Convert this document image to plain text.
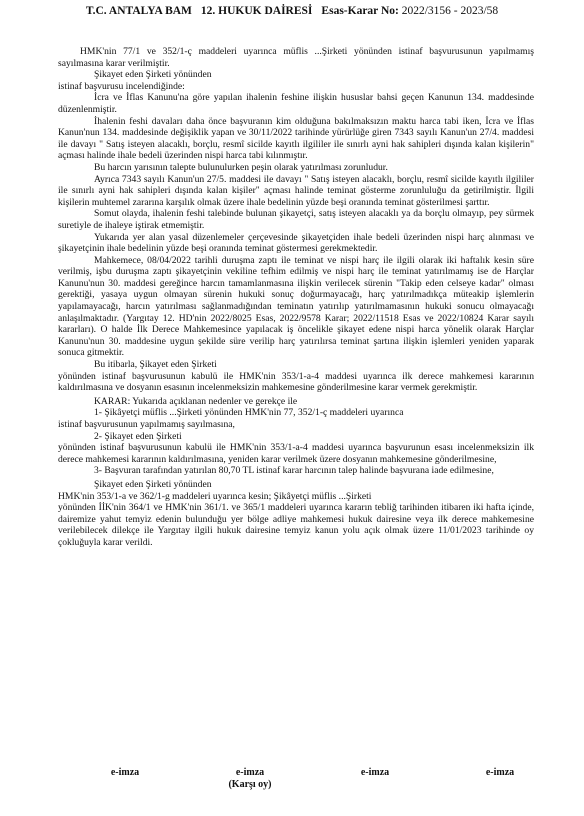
T.C. ANTALYA BAM 12. HUKUK DAİRESİ Esas-Karar No: 2022/3156 - 2023/58

HMK'nin 77/1 ve 352/1-ç maddeleri uyarınca müflis ...Şirketi yönünden istinaf başvurusunun yapılmamış sayılmasına karar verilmiştir.

Şikayet eden Şirketi yönünden

istinaf başvurusu incelendiğinde:

İcra ve İflas Kanunu'na göre yapılan ihalenin feshine ilişkin hususlar bahsi geçen Kanunun 134. maddesinde düzenlenmiştir.

İhalenin feshi davaları daha önce başvuranın kim olduğuna bakılmaksızın maktu harca tabi iken, İcra ve İflas Kanun'nun 134. maddesinde değişiklik yapan ve 30/11/2022 tarihinde yürürlüğe giren 7343 sayılı Kanun'un 27/4. maddesi ile davayı " Satış isteyen alacaklı, borçlu, resmî sicilde kayıtlı ilgililer ile sınırlı ayni hak sahipleri dışında kalan kişilerin" açması halinde ihale bedeli üzerinden nispi harca tabi kılınmıştır.

Bu harcın yarısının talepte bulunulurken peşin olarak yatırılması zorunludur.

Ayrıca 7343 sayılı Kanun'un 27/5. maddesi ile davayı " Satış isteyen alacaklı, borçlu, resmî sicilde kayıtlı ilgililer ile sınırlı ayni hak sahipleri dışında kalan kişiler" açması halinde teminat gösterme zorunluluğu da getirilmiştir. İlgili kişilerin muhtemel zararına karşılık olmak üzere ihale bedelinin yüzde beşi oranında teminat gösterilmesi şarttır.

Somut olayda, ihalenin feshi talebinde bulunan şikayetçi, satış isteyen alacaklı ya da borçlu olmayıp, pey sürmek suretiyle de ihaleye iştirak etmemiştir.

Yukarıda yer alan yasal düzenlemeler çerçevesinde şikayetçiden ihale bedeli üzerinden nispi harç alınması ve şikayetçinin ihale bedelinin yüzde beşi oranında teminat göstermesi gerekmektedir.

Mahkemece, 08/04/2022 tarihli duruşma zaptı ile teminat ve nispi harç ile ilgili olarak iki haftalık kesin süre verilmiş, işbu duruşma zaptı şikayetçinin vekiline tefhim edilmiş ve nispi harç ile teminat yatırılmamış ise de Harçlar Kanunu'nun 30. maddesi gereğince harcın tamamlanmasına ilişkin verilecek sürenin "Takip eden celseye kadar" olması gerektiği, yasaya uygun olmayan sürenin hukuki sonuç doğurmayacağı, harç yatırılmadıkça müteakip işlemlerin yapılamayacağı, harcın yatırılması sağlanmadığından teminatın yatırılıp yatırılmamasının hukuki sonucu olmayacağı anlaşılmaktadır. (Yargıtay 12. HD'nin 2022/8025 Esas, 2022/9578 Karar; 2022/11518 Esas ve 2022/10824 Karar sayılı kararları). O halde İlk Derece Mahkemesince yapılacak iş öncelikle şikayet edene nispi harca yönelik olarak Harçlar Kanunu'nun 30. maddesine uygun şekilde süre verilip harç yatırılırsa teminat şartına ilişkin işlemleri yeniden yaparak sonuca gitmektir.

Bu itibarla, Şikayet eden Şirketi

yönünden istinaf başvurusunun kabulü ile HMK'nin 353/1-a-4 maddesi uyarınca ilk derece mahkemesi kararının kaldırılmasına ve dosyanın esasının incelenmeksizin mahkemesine gönderilmesine karar vermek gerekmiştir.

KARAR: Yukarıda açıklanan nedenler ve gerekçe ile

1- Şikâyetçi müflis ...Şirketi yönünden HMK'nin 77, 352/1-ç maddeleri uyarınca

istinaf başvurusunun yapılmamış sayılmasına,

2- Şikayet eden Şirketi

yönünden istinaf başvurusunun kabulü ile HMK'nin 353/1-a-4 maddesi uyarınca başvurunun esası incelenmeksizin ilk derece mahkemesi kararının kaldırılmasına, yeniden karar verilmek üzere dosyanın mahkemesine gönderilmesine,

3- Başvuran tarafından yatırılan 80,70 TL istinaf karar harcının talep halinde başvurana iade edilmesine,

Şikayet eden Şirketi yönünden

HMK'nin 353/1-a ve 362/1-g maddeleri uyarınca kesin; Şikâyetçi müflis ...Şirketi

yönünden İİK'nin 364/1 ve HMK'nin 361/1. ve 365/1 maddeleri uyarınca kararın tebliğ tarihinden itibaren iki hafta içinde, dairemize yahut temyiz edenin bulunduğu yer bölge adliye mahkemesi hukuk dairesine veya ilk derece mahkemesine verilebilecek dilekçe ile Yargıtay ilgili hukuk dairesine temyiz kanun yolu açık olmak üzere 11/01/2023 tarihinde oy çokluğuyla karar verildi.

e-imza	e-imza
(Karşı oy)
e-imza	e-imza
